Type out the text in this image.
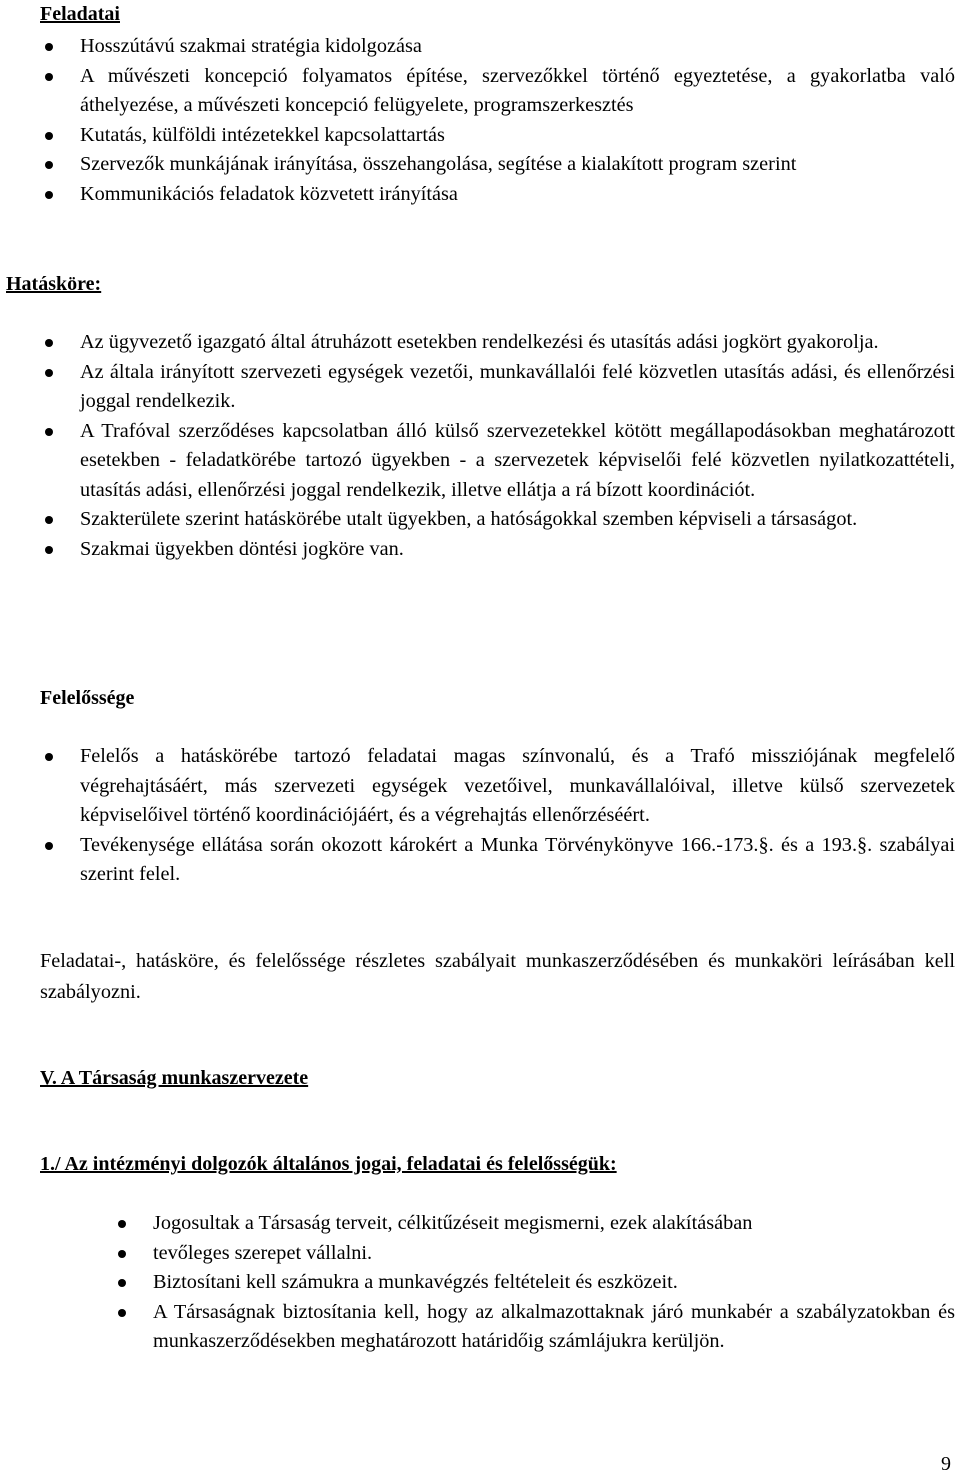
Feladatai

Hosszútávú szakmai stratégia kidolgozása
A művészeti koncepció folyamatos építése, szervezőkkel történő egyeztetése, a gyakorlatba való áthelyezése, a művészeti koncepció felügyelete, programszerkesztés
Kutatás, külföldi intézetekkel kapcsolattartás
Szervezők munkájának irányítása, összehangolása, segítése a kialakított program szerint
Kommunikációs feladatok közvetett irányítása

Hatásköre:

Az ügyvezető igazgató által átruházott esetekben rendelkezési és utasítás adási jogkört gyakorolja.
Az általa irányított szervezeti egységek vezetői, munkavállalói felé közvetlen utasítás adási, és ellenőrzési joggal rendelkezik.
A Trafóval szerződéses kapcsolatban álló külső szervezetekkel kötött megállapodásokban meghatározott esetekben - feladatkörébe tartozó ügyekben - a szervezetek képviselői felé közvetlen nyilatkozattételi, utasítás adási, ellenőrzési joggal rendelkezik, illetve ellátja a rá bízott koordinációt.
Szakterülete szerint hatáskörébe utalt ügyekben, a hatóságokkal szemben képviseli a társaságot.
Szakmai ügyekben döntési jogköre van.

Felelőssége

Felelős a hatáskörébe tartozó feladatai magas színvonalú, és a Trafó missziójának megfelelő végrehajtásáért, más szervezeti egységek vezetőivel, munkavállalóival, illetve külső szervezetek képviselőivel történő koordinációjáért, és a végrehajtás ellenőrzéséért.
Tevékenysége ellátása során okozott károkért a Munka Törvénykönyve 166.-173.§. és a 193.§. szabályai szerint felel.

Feladatai-, hatásköre, és felelőssége részletes szabályait munkaszerződésében és munkaköri leírásában kell szabályozni.

V. A Társaság munkaszervezete

1./ Az intézményi dolgozók általános jogai, feladatai és felelősségük:

Jogosultak a Társaság terveit, célkitűzéseit megismerni, ezek alakításában
tevőleges szerepet vállalni.
Biztosítani kell számukra a munkavégzés feltételeit és eszközeit.
A Társaságnak biztosítania kell, hogy az alkalmazottaknak járó munkabér a szabályzatokban és munkaszerződésekben meghatározott határidőig számlájukra kerüljön.
9
